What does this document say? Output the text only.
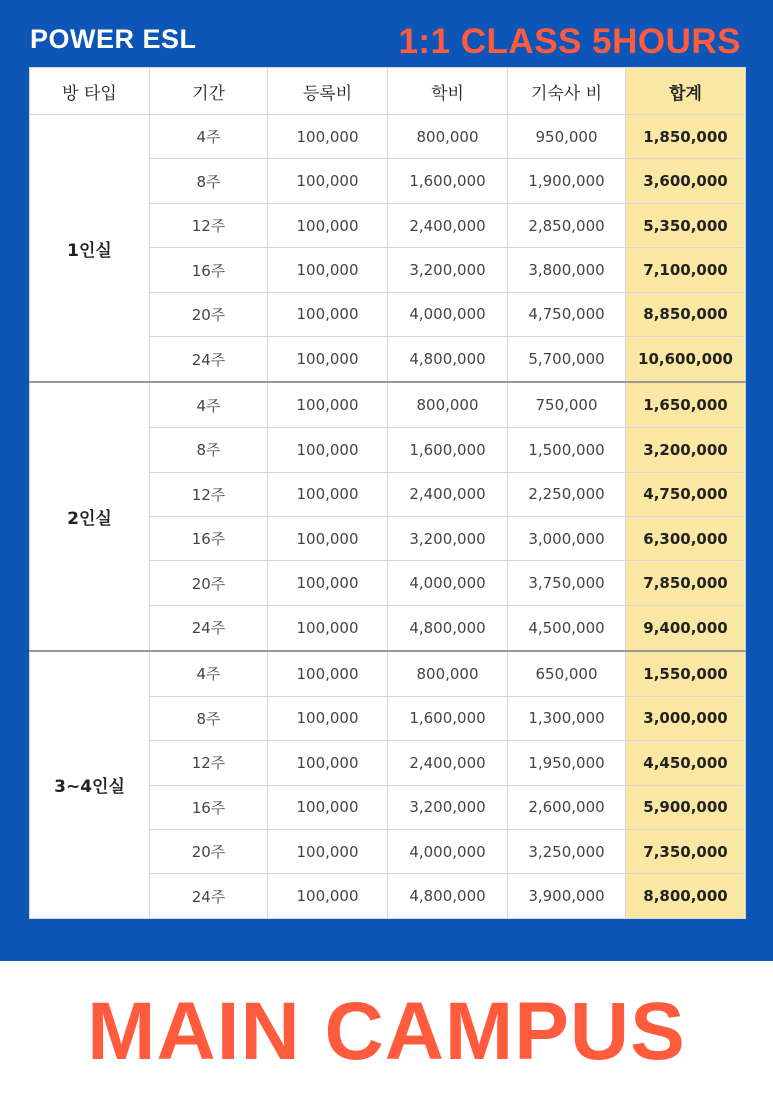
POWER ESL	1:1 CLASS 5HOURS
방 타입	기간	등록비	학비	기숙사 비	합계
1인실	4주	100,000	800,000	950,000	1,850,000
	8주	100,000	1,600,000	1,900,000	3,600,000
	12주	100,000	2,400,000	2,850,000	5,350,000
	16주	100,000	3,200,000	3,800,000	7,100,000
	20주	100,000	4,000,000	4,750,000	8,850,000
	24주	100,000	4,800,000	5,700,000	10,600,000
2인실	4주	100,000	800,000	750,000	1,650,000
	8주	100,000	1,600,000	1,500,000	3,200,000
	12주	100,000	2,400,000	2,250,000	4,750,000
	16주	100,000	3,200,000	3,000,000	6,300,000
	20주	100,000	4,000,000	3,750,000	7,850,000
	24주	100,000	4,800,000	4,500,000	9,400,000
3~4인실	4주	100,000	800,000	650,000	1,550,000
	8주	100,000	1,600,000	1,300,000	3,000,000
	12주	100,000	2,400,000	1,950,000	4,450,000
	16주	100,000	3,200,000	2,600,000	5,900,000
	20주	100,000	4,000,000	3,250,000	7,350,000
	24주	100,000	4,800,000	3,900,000	8,800,000
MAIN CAMPUS
